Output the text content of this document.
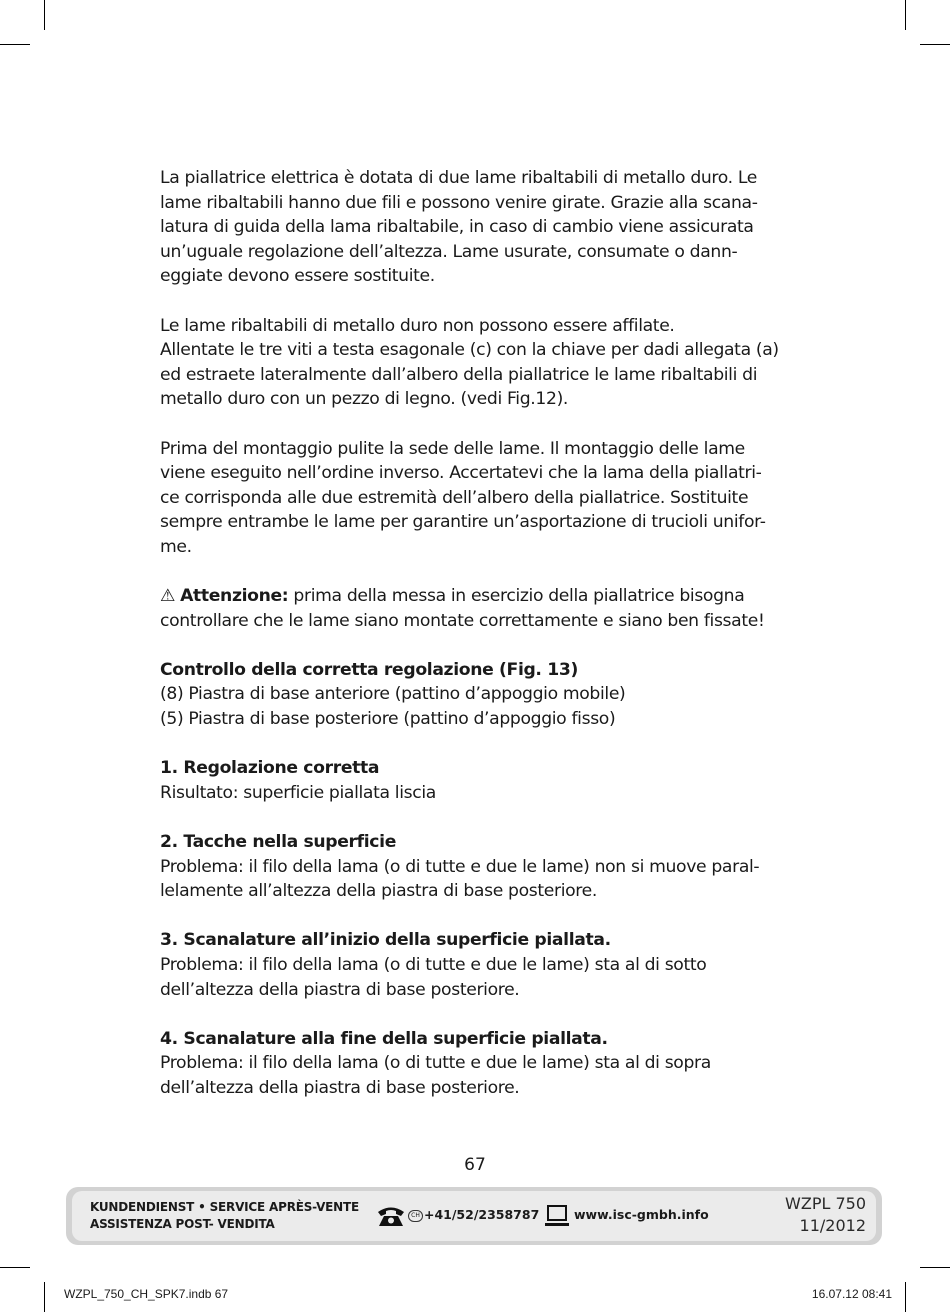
La piallatrice elettrica è dotata di due lame ribaltabili di metallo duro. Le
lame ribaltabili hanno due fili e possono venire girate. Grazie alla scana-
latura di guida della lama ribaltabile, in caso di cambio viene assicurata
un’uguale regolazione dell’altezza. Lame usurate, consumate o dann-
eggiate devono essere sostituite.
Le lame ribaltabili di metallo duro non possono essere affilate.
Allentate le tre viti a testa esagonale (c) con la chiave per dadi allegata (a)
ed estraete lateralmente dall’albero della piallatrice le lame ribaltabili di
metallo duro con un pezzo di legno. (vedi Fig.12).
Prima del montaggio pulite la sede delle lame. Il montaggio delle lame
viene eseguito nell’ordine inverso. Accertatevi che la lama della piallatri-
ce corrisponda alle due estremità dell’albero della piallatrice. Sostituite
sempre entrambe le lame per garantire un’asportazione di trucioli unifor-
me.
⚠ Attenzione: prima della messa in esercizio della piallatrice bisogna
controllare che le lame siano montate correttamente e siano ben fissate!
Controllo della corretta regolazione (Fig. 13)
(8) Piastra di base anteriore (pattino d’appoggio mobile)
(5) Piastra di base posteriore (pattino d’appoggio fisso)
1. Regolazione corretta
Risultato: superficie piallata liscia
2. Tacche nella superficie
Problema: il filo della lama (o di tutte e due le lame) non si muove paral-
lelamente all’altezza della piastra di base posteriore.
3. Scanalature all’inizio della superficie piallata.
Problema: il filo della lama (o di tutte e due le lame) sta al di sotto
dell’altezza della piastra di base posteriore.
4. Scanalature alla fine della superficie piallata.
Problema: il filo della lama (o di tutte e due le lame) sta al di sopra
dell’altezza della piastra di base posteriore.
67
KUNDENDIENST • SERVICE APRÈS-VENTE
ASSISTENZA POST- VENDITA
CH +41/52/2358787	www.isc-gmbh.info
WZPL 750
11/2012
WZPL_750_CH_SPK7.indb 67	16.07.12 08:41
